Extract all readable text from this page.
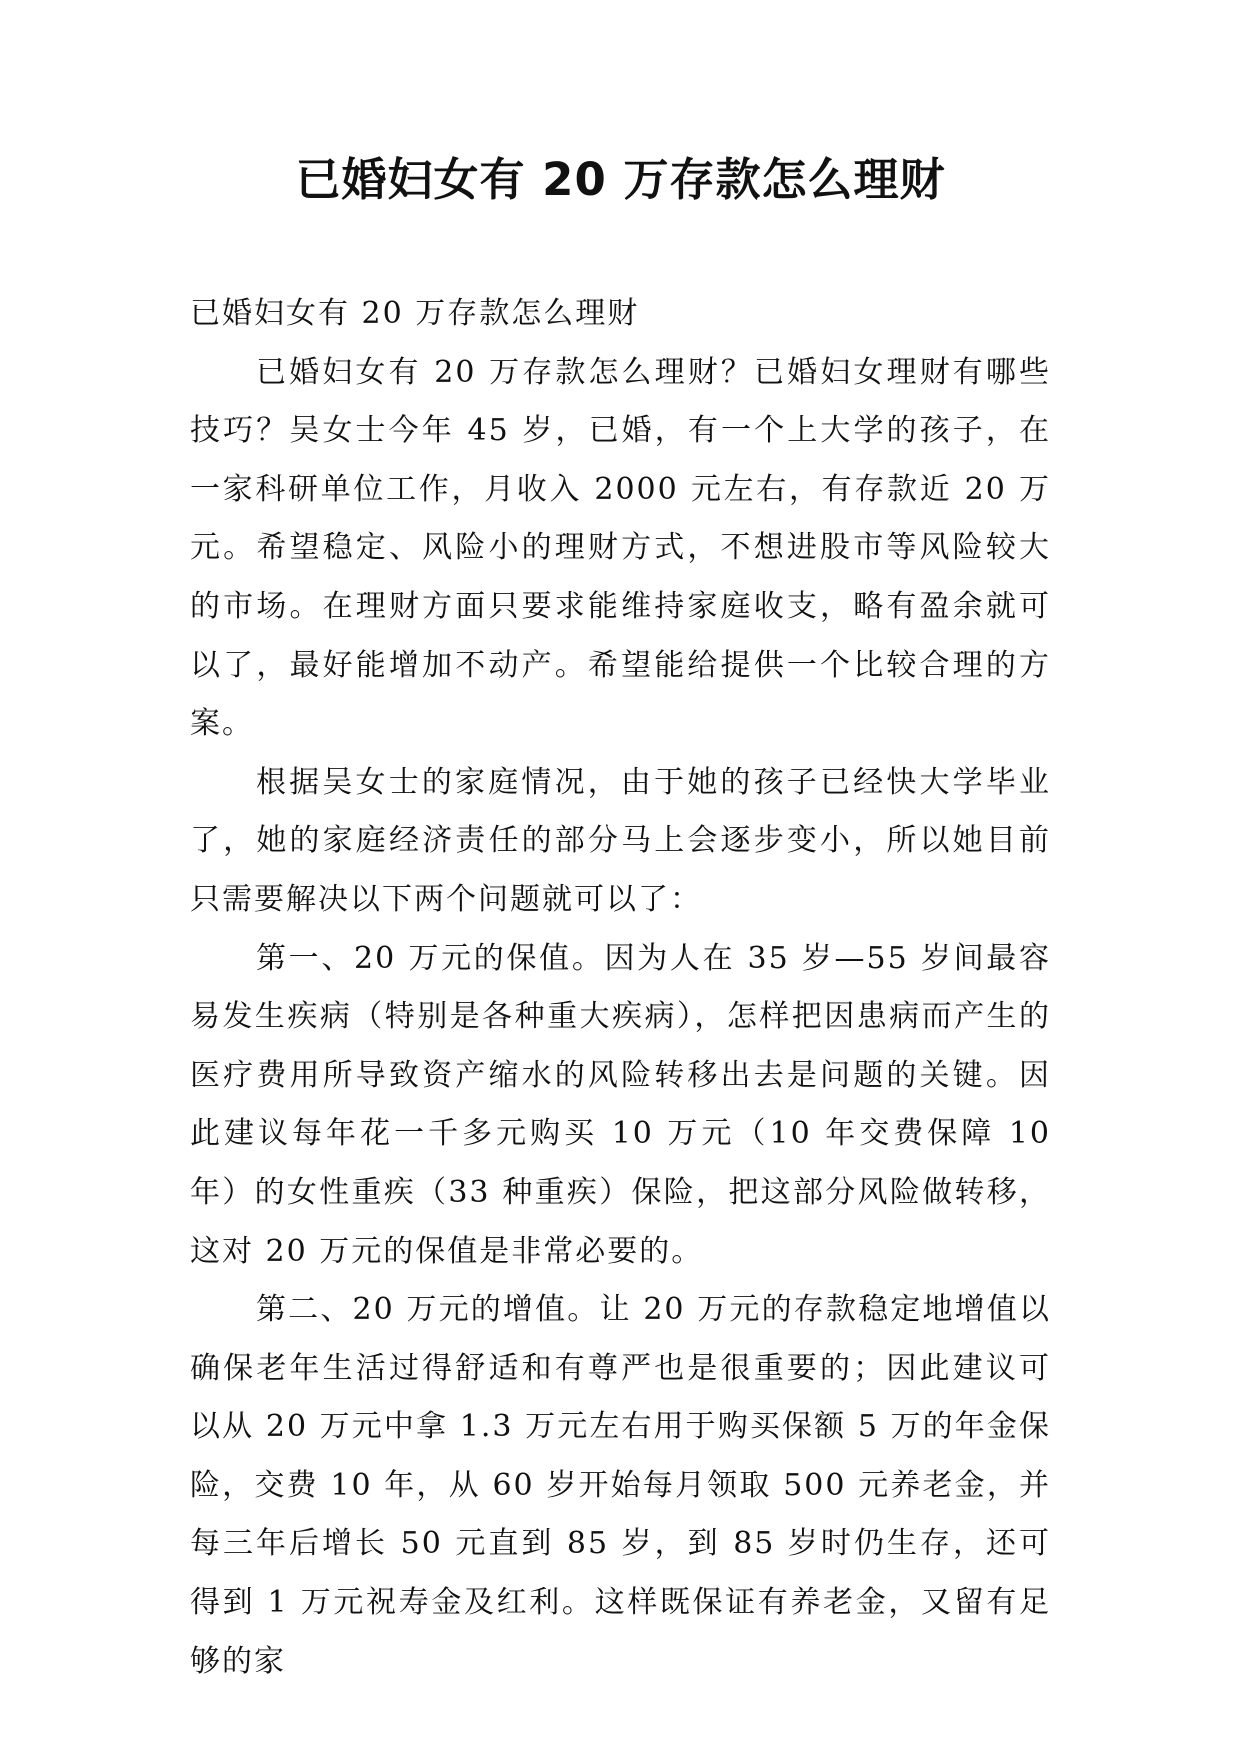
已婚妇女有 20 万存款怎么理财

已婚妇女有 20 万存款怎么理财

已婚妇女有 20 万存款怎么理财？已婚妇女理财有哪些技巧？吴女士今年 45 岁，已婚，有一个上大学的孩子，在一家科研单位工作，月收入 2000 元左右，有存款近 20 万元。希望稳定、风险小的理财方式，不想进股市等风险较大的市场。在理财方面只要求能维持家庭收支，略有盈余就可以了，最好能增加不动产。希望能给提供一个比较合理的方案。

根据吴女士的家庭情况，由于她的孩子已经快大学毕业了，她的家庭经济责任的部分马上会逐步变小，所以她目前只需要解决以下两个问题就可以了：

第一、20 万元的保值。因为人在 35 岁—55 岁间最容易发生疾病（特别是各种重大疾病），怎样把因患病而产生的医疗费用所导致资产缩水的风险转移出去是问题的关键。因此建议每年花一千多元购买 10 万元（10 年交费保障 10 年）的女性重疾（33 种重疾）保险，把这部分风险做转移，这对 20 万元的保值是非常必要的。

第二、20 万元的增值。让 20 万元的存款稳定地增值以确保老年生活过得舒适和有尊严也是很重要的；因此建议可以从 20 万元中拿 1.3 万元左右用于购买保额 5 万的年金保险，交费 10 年，从 60 岁开始每月领取 500 元养老金，并每三年后增长 50 元直到 85 岁，到 85 岁时仍生存，还可得到 1 万元祝寿金及红利。这样既保证有养老金，又留有足够的家
